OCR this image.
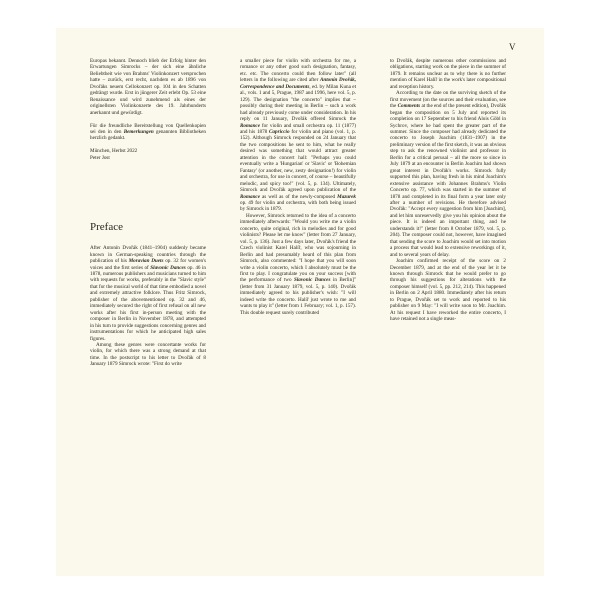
V

Europas bekannt. Dennoch blieb der Erfolg hinter den Erwartungen Simrocks – der sich eine ähnliche Beliebtheit wie von Brahms' Violinkonzert versprochen hatte – zurück, erst recht, nachdem es ab 1896 von Dvořáks neuem Cellokonzert op. 104 in den Schatten gedrängt wurde. Erst in jüngerer Zeit erlebt Op. 53 eine Renaissance und wird zunehmend als eines der originellsten Violinkonzerte des 19. Jahrhunderts anerkannt und gewürdigt.

Für die freundliche Bereitstellung von Quellenkopien sei den in den Bemerkungen genannten Bibliotheken herzlich gedankt.

München, Herbst 2022

Peter Jost

Preface

After Antonín Dvořák (1841–1904) suddenly became known in German-speaking countries through the publication of his Moravian Duets op. 32 for women's voices and the first series of Slavonic Dances op. 46 in 1878, numerous publishers and musicians turned to him with requests for works, preferably in the "Slavic style" that for the musical world of that time embodied a novel and extremely attractive folklore. Thus Fritz Simrock, publisher of the abovementioned op. 32 and 46, immediately secured the right of first refusal on all new works after his first in-person meeting with the composer in Berlin in November 1878, and attempted in his turn to provide suggestions concerning genres and instrumentations for which he anticipated high sales figures.

Among these genres were concertante works for violin, for which there was a strong demand at that time. In the postscript to his letter to Dvořák of 8 January 1879 Simrock wrote: "First do write

a smaller piece for violin with orchestra for me, a romance or any other good such designation, fantasy, etc. etc. The concerto could then follow later" (all letters in the following are cited after Antonín Dvořák, Correspondence and Documents, ed. by Milan Kuna et al., vols. 1 and 5, Prague, 1987 and 1996, here vol. 5, p. 129). The designation "the concerto" implies that – possibly during their meeting in Berlin – such a work had already previously come under consideration. In his reply on 11 January, Dvořák offered Simrock the Romance for violin and small orchestra op. 11 (1877) and his 1878 Capriccio for violin and piano (vol. 1, p. 152). Although Simrock responded on 24 January that the two compositions he sent to him, what he really desired was something that would attract greater attention in the concert hall: "Perhaps you could eventually write a 'Hungarian' or 'Slavic' or 'Bohemian Fantasy' (or another, new, zesty designation!) for violin and orchestra, for use in concert, of course – beautifully melodic, and spicy too!" (vol. 5, p. 134). Ultimately, Simrock and Dvořák agreed upon publication of the Romance as well as of the newly-composed Mazurek op. 49 for violin and orchestra, with both being issued by Simrock in 1879.

However, Simrock returned to the idea of a concerto immediately afterwards: "Would you write me a violin concerto, quite original, rich in melodies and for good violinists? Please let me know" (letter from 27 January, vol. 5, p. 136). Just a few days later, Dvořák's friend the Czech violinist Karel Halíř, who was sojourning in Berlin and had presumably heard of this plan from Simrock, also commented: "I hope that you will soon write a violin concerto, which I absolutely must be the first to play. I congratulate you on your success [with the performance of two Slavonic Dances in Berlin]" (letter from 31 January 1879, vol. 5, p. 140). Dvořák immediately agreed to his publisher's wish: "I will indeed write the concerto. Halíř just wrote to me and wants to play it" (letter from 1 February; vol. 1, p. 157). This double request surely contributed

to Dvořák, despite numerous other commissions and obligations, starting work on the piece in the summer of 1879. It remains unclear as to why there is no further mention of Karel Halíř in the work's later compositional and reception history.

According to the date on the surviving sketch of the first movement (on the sources and their evaluation, see the Comments at the end of the present edition), Dvořák began the composition on 5 July and reported its completion on 17 September to his friend Alois Göbl in Sychrov, where he had spent the greater part of the summer. Since the composer had already dedicated the concerto to Joseph Joachim (1831–1907) in the preliminary version of the first sketch, it was an obvious step to ask the renowned violinist and professor in Berlin for a critical perusal – all the more so since in July 1879 at an encounter in Berlin Joachim had shown great interest in Dvořák's works. Simrock fully supported this plan, having fresh in his mind Joachim's extensive assistance with Johannes Brahms's Violin Concerto op. 77, which was started in the summer of 1878 and completed in its final form a year later only after a number of revisions. He therefore advised Dvořák: "Accept every suggestion from him [Joachim], and let him unreservedly give you his opinion about the piece. It is indeed an important thing, and he understands it!" (letter from 8 October 1879, vol. 5, p. 204). The composer could not, however, have imagined that sending the score to Joachim would set into motion a process that would lead to extensive reworkings of it, and to several years of delay.

Joachim confirmed receipt of the score on 2 December 1879, and at the end of the year let it be known through Simrock that he would prefer to go through his suggestions for alterations with the composer himself (vol. 5, pp. 212, 214). This happened in Berlin on 2 April 1880. Immediately after his return to Prague, Dvořák set to work and reported to his publisher on 9 May: "I will write soon to Mr. Joachim. At his request I have reworked the entire concerto, I have retained not a single meas-
